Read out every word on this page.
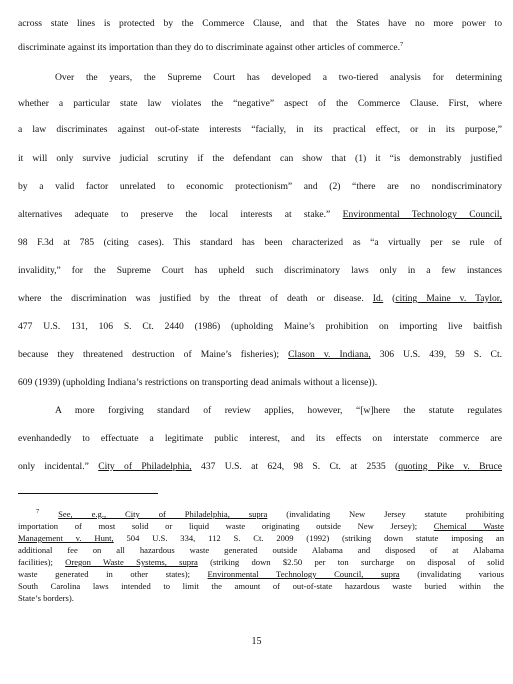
across state lines is protected by the Commerce Clause, and that the States have no more power to
discriminate against its importation than they do to discriminate against other articles of commerce.$^7$
Over the years, the Supreme Court has developed a two-tiered analysis for determining
whether a particular state law violates the “negative” aspect of the Commerce Clause. First, where
a law discriminates against out-of-state interests “facially, in its practical effect, or in its purpose,”
it will only survive judicial scrutiny if the defendant can show that (1) it “is demonstrably justified
by a valid factor unrelated to economic protectionism” and (2) “there are no nondiscriminatory
alternatives adequate to preserve the local interests at stake.” Environmental Technology Council,
98 F.3d at 785 (citing cases). This standard has been characterized as “a virtually per se rule of
invalidity,” for the Supreme Court has upheld such discriminatory laws only in a few instances
where the discrimination was justified by the threat of death or disease. Id. (citing Maine v. Taylor,
477 U.S. 131, 106 S. Ct. 2440 (1986) (upholding Maine’s prohibition on importing live baitfish
because they threatened destruction of Maine’s fisheries); Clason v. Indiana, 306 U.S. 439, 59 S. Ct.
609 (1939) (upholding Indiana’s restrictions on transporting dead animals without a license)).
A more forgiving standard of review applies, however, “[w]here the statute regulates
evenhandedly to effectuate a legitimate public interest, and its effects on interstate commerce are
only incidental.” City of Philadelphia, 437 U.S. at 624, 98 S. Ct. at 2535 (quoting Pike v. Bruce
$^7$ See, e.g., City of Philadelphia, supra (invalidating New Jersey statute prohibiting
importation of most solid or liquid waste originating outside New Jersey); Chemical Waste
Management v. Hunt, 504 U.S. 334, 112 S. Ct. 2009 (1992) (striking down statute imposing an
additional fee on all hazardous waste generated outside Alabama and disposed of at Alabama
facilities); Oregon Waste Systems, supra (striking down $2.50 per ton surcharge on disposal of solid
waste generated in other states); Environmental Technology Council, supra (invalidating various
South Carolina laws intended to limit the amount of out-of-state hazardous waste buried within the
State’s borders).
15
